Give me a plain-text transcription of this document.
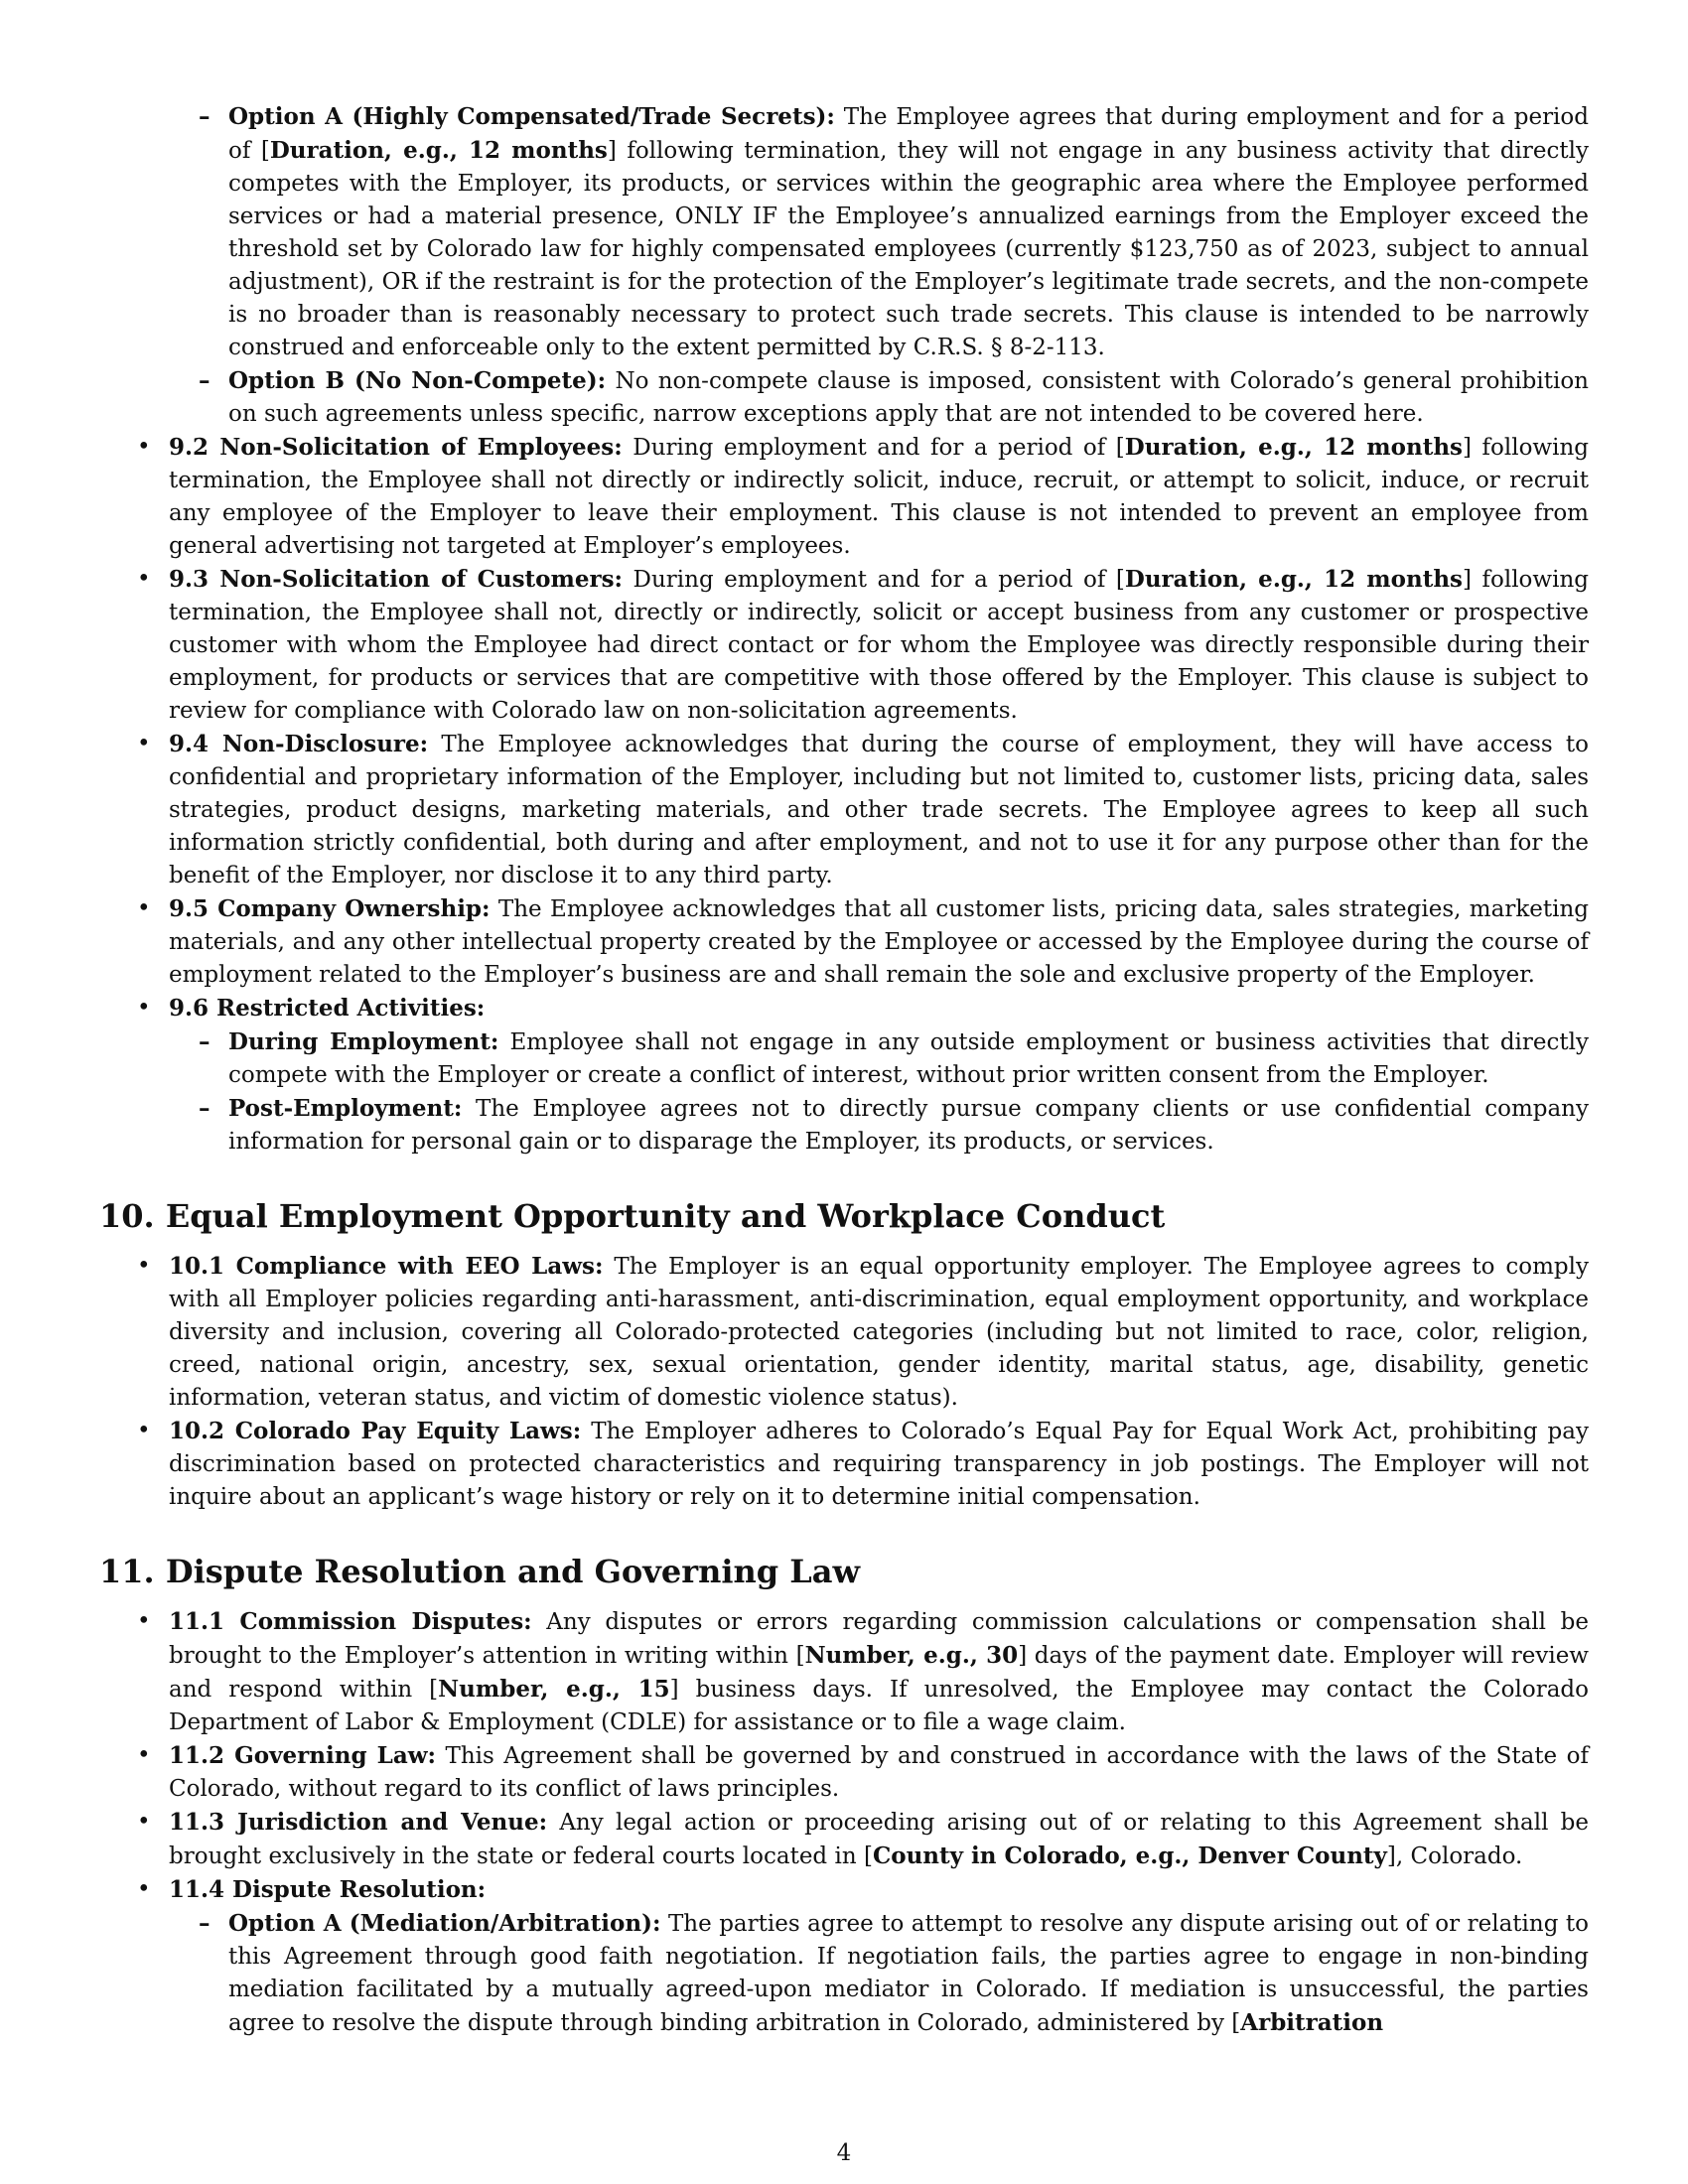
– Option A (Highly Compensated/Trade Secrets): The Employee agrees that during employment and for a period of [Duration, e.g., 12 months] following termination, they will not engage in any business activity that directly competes with the Employer, its products, or services within the geographic area where the Employee performed services or had a material presence, ONLY IF the Employee’s annualized earnings from the Employer exceed the threshold set by Colorado law for highly compensated employees (currently $123,750 as of 2023, subject to annual adjustment), OR if the restraint is for the protection of the Employer’s legitimate trade secrets, and the non-compete is no broader than is reasonably necessary to protect such trade secrets. This clause is intended to be narrowly construed and enforceable only to the extent permitted by C.R.S. § 8-2-113.
– Option B (No Non-Compete): No non-compete clause is imposed, consistent with Colorado’s general prohibition on such agreements unless specific, narrow exceptions apply that are not intended to be covered here.
• 9.2 Non-Solicitation of Employees: During employment and for a period of [Duration, e.g., 12 months] following termination, the Employee shall not directly or indirectly solicit, induce, recruit, or attempt to solicit, induce, or recruit any employee of the Employer to leave their employment. This clause is not intended to prevent an employee from general advertising not targeted at Employer’s employees.
• 9.3 Non-Solicitation of Customers: During employment and for a period of [Duration, e.g., 12 months] following termination, the Employee shall not, directly or indirectly, solicit or accept business from any customer or prospective customer with whom the Employee had direct contact or for whom the Employee was directly responsible during their employment, for products or services that are competitive with those offered by the Employer. This clause is subject to review for compliance with Colorado law on non-solicitation agreements.
• 9.4 Non-Disclosure: The Employee acknowledges that during the course of employment, they will have access to confidential and proprietary information of the Employer, including but not limited to, customer lists, pricing data, sales strategies, product designs, marketing materials, and other trade secrets. The Employee agrees to keep all such information strictly confidential, both during and after employment, and not to use it for any purpose other than for the benefit of the Employer, nor disclose it to any third party.
• 9.5 Company Ownership: The Employee acknowledges that all customer lists, pricing data, sales strategies, marketing materials, and any other intellectual property created by the Employee or accessed by the Employee during the course of employment related to the Employer’s business are and shall remain the sole and exclusive property of the Employer.
• 9.6 Restricted Activities:
– During Employment: Employee shall not engage in any outside employment or business activities that directly compete with the Employer or create a conflict of interest, without prior written consent from the Employer.
– Post-Employment: The Employee agrees not to directly pursue company clients or use confidential company information for personal gain or to disparage the Employer, its products, or services.
10. Equal Employment Opportunity and Workplace Conduct
• 10.1 Compliance with EEO Laws: The Employer is an equal opportunity employer. The Employee agrees to comply with all Employer policies regarding anti-harassment, anti-discrimination, equal employment opportunity, and workplace diversity and inclusion, covering all Colorado-protected categories (including but not limited to race, color, religion, creed, national origin, ancestry, sex, sexual orientation, gender identity, marital status, age, disability, genetic information, veteran status, and victim of domestic violence status).
• 10.2 Colorado Pay Equity Laws: The Employer adheres to Colorado’s Equal Pay for Equal Work Act, prohibiting pay discrimination based on protected characteristics and requiring transparency in job postings. The Employer will not inquire about an applicant’s wage history or rely on it to determine initial compensation.
11. Dispute Resolution and Governing Law
• 11.1 Commission Disputes: Any disputes or errors regarding commission calculations or compensation shall be brought to the Employer’s attention in writing within [Number, e.g., 30] days of the payment date. Employer will review and respond within [Number, e.g., 15] business days. If unresolved, the Employee may contact the Colorado Department of Labor & Employment (CDLE) for assistance or to file a wage claim.
• 11.2 Governing Law: This Agreement shall be governed by and construed in accordance with the laws of the State of Colorado, without regard to its conflict of laws principles.
• 11.3 Jurisdiction and Venue: Any legal action or proceeding arising out of or relating to this Agreement shall be brought exclusively in the state or federal courts located in [County in Colorado, e.g., Denver County], Colorado.
• 11.4 Dispute Resolution:
– Option A (Mediation/Arbitration): The parties agree to attempt to resolve any dispute arising out of or relating to this Agreement through good faith negotiation. If negotiation fails, the parties agree to engage in non-binding mediation facilitated by a mutually agreed-upon mediator in Colorado. If mediation is unsuccessful, the parties agree to resolve the dispute through binding arbitration in Colorado, administered by [Arbitration
4
